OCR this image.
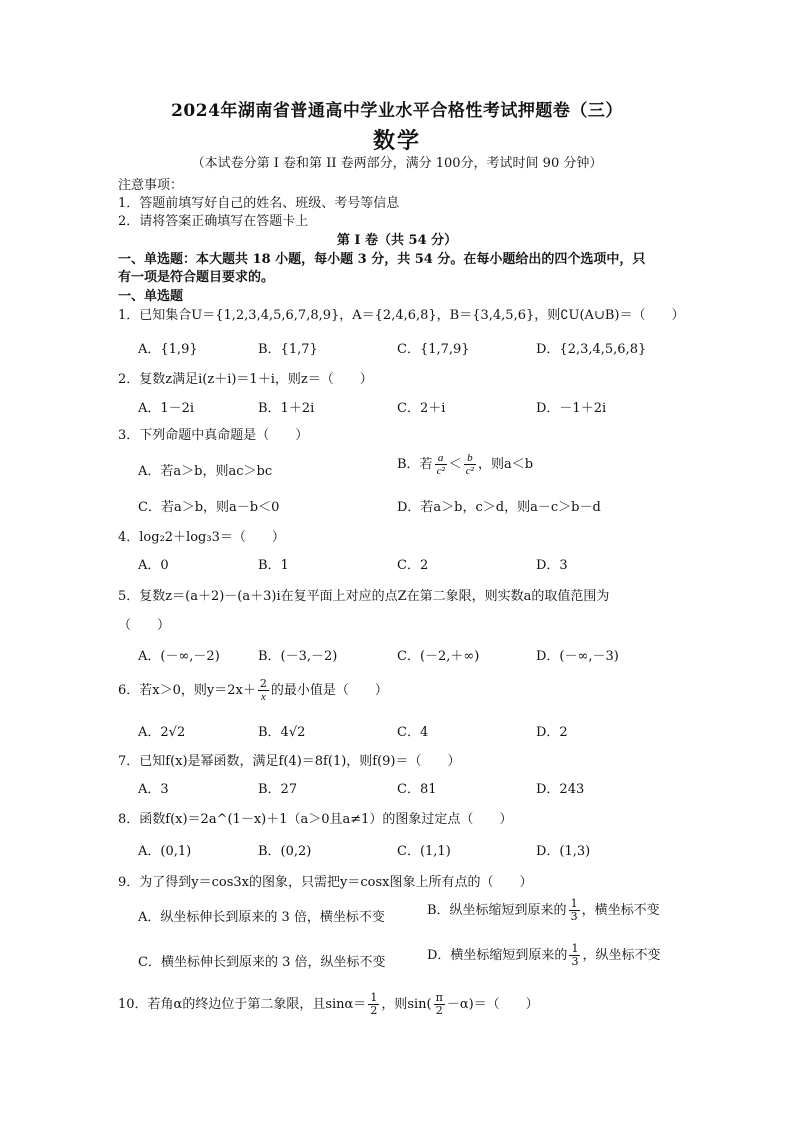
2024年湖南省普通高中学业水平合格性考试押题卷（三）
数学
（本试卷分第 I 卷和第 II 卷两部分，满分 100分，考试时间 90 分钟）
注意事项：
1．答题前填写好自己的姓名、班级、考号等信息
2．请将答案正确填写在答题卡上
第 I 卷（共 54 分）
一、单选题：本大题共 18 小题，每小题 3 分，共 54 分。在每小题给出的四个选项中，只
有一项是符合题目要求的。
一、单选题
1．已知集合U＝{1,2,3,4,5,6,7,8,9}，A＝{2,4,6,8}，B＝{3,4,5,6}，则∁U(A∪B)＝（　　）
A．{1,9}	B．{1,7}	C．{1,7,9}	D．{2,3,4,5,6,8}
2．复数z满足i(z＋i)＝1＋i，则z＝（　　）
A．1－2i	B．1＋2i	C．2＋i	D．－1＋2i
3．下列命题中真命题是（　　）
A．若a＞b，则ac＞bc	B．若 $\frac{a}{\text{c²}} < \frac{b}{\text{c²}}$ ，则a＜b
C．若a＞b，则a－b＜0	D．若a＞b，c＞d，则a－c＞b－d
4．log₂2＋log₃3＝（　　）
A．0	B．1	C．2	D．3
5．复数z＝(a＋2)－(a＋3)i在复平面上对应的点Z在第二象限，则实数a的取值范围为
（　　）
A．(－∞,－2)	B．(－3,－2)	C．(－2,＋∞)	D．(－∞,－3)
6．若x＞0，则$y=2x+ \frac{2}{x}$ 的最小值是（　　）
A．2√2	B．4√2	C．4	D．2
7．已知f(x)是幂函数，满足f(4)＝8f(1)，则f(9)＝（　　）
A．3	B．27	C．81	D．243
8．函数f(x)＝2a^(1－x)＋1（a＞0且a≠1）的图象过定点（　　）
A．(0,1)	B．(0,2)	C．(1,1)	D．(1,3)
9．为了得到y＝cos3x的图象，只需把y＝cosx图象上所有点的（　　）
A．纵坐标伸长到原来的 3 倍，横坐标不变	B．纵坐标缩短到原来的 $\frac{1}{3}$ ，横坐标不变
C．横坐标伸长到原来的 3 倍，纵坐标不变	D．横坐标缩短到原来的 $\frac{1}{3}$ ，纵坐标不变
10．若角α的终边位于第二象限，且$\sin\alpha= \frac{1}{2}$ ，则$\sin( \frac{\pi}{2} -\alpha)=$（　　）
